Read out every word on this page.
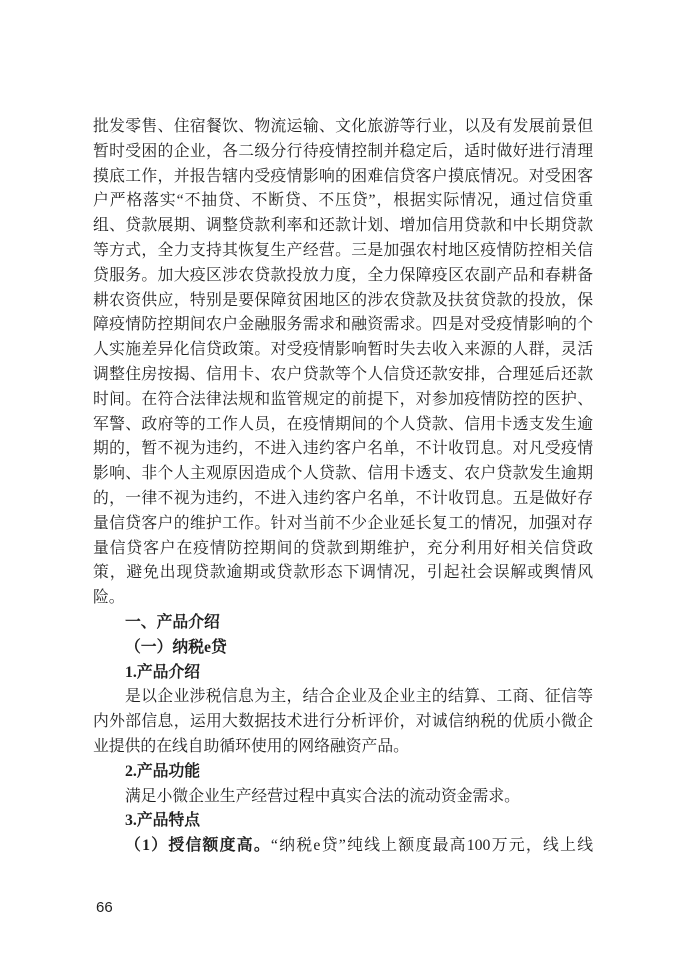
批发零售、住宿餐饮、物流运输、文化旅游等行业，以及有发展前景但
暂时受困的企业，各二级分行待疫情控制并稳定后，适时做好进行清理
摸底工作，并报告辖内受疫情影响的困难信贷客户摸底情况。对受困客
户严格落实“不抽贷、不断贷、不压贷”，根据实际情况，通过信贷重
组、贷款展期、调整贷款利率和还款计划、增加信用贷款和中长期贷款
等方式，全力支持其恢复生产经营。三是加强农村地区疫情防控相关信
贷服务。加大疫区涉农贷款投放力度，全力保障疫区农副产品和春耕备
耕农资供应，特别是要保障贫困地区的涉农贷款及扶贫贷款的投放，保
障疫情防控期间农户金融服务需求和融资需求。四是对受疫情影响的个
人实施差异化信贷政策。对受疫情影响暂时失去收入来源的人群，灵活
调整住房按揭、信用卡、农户贷款等个人信贷还款安排，合理延后还款
时间。在符合法律法规和监管规定的前提下，对参加疫情防控的医护、
军警、政府等的工作人员，在疫情期间的个人贷款、信用卡透支发生逾
期的，暂不视为违约，不进入违约客户名单，不计收罚息。对凡受疫情
影响、非个人主观原因造成个人贷款、信用卡透支、农户贷款发生逾期
的，一律不视为违约，不进入违约客户名单，不计收罚息。五是做好存
量信贷客户的维护工作。针对当前不少企业延长复工的情况，加强对存
量信贷客户在疫情防控期间的贷款到期维护，充分利用好相关信贷政
策，避免出现贷款逾期或贷款形态下调情况，引起社会误解或舆情风
险。
一、产品介绍
（一）纳税e贷
1.产品介绍
是以企业涉税信息为主，结合企业及企业主的结算、工商、征信等
内外部信息，运用大数据技术进行分析评价，对诚信纳税的优质小微企
业提供的在线自助循环使用的网络融资产品。
2.产品功能
满足小微企业生产经营过程中真实合法的流动资金需求。
3.产品特点
（1）授信额度高。“纳税e贷”纯线上额度最高100万元，线上线
66
